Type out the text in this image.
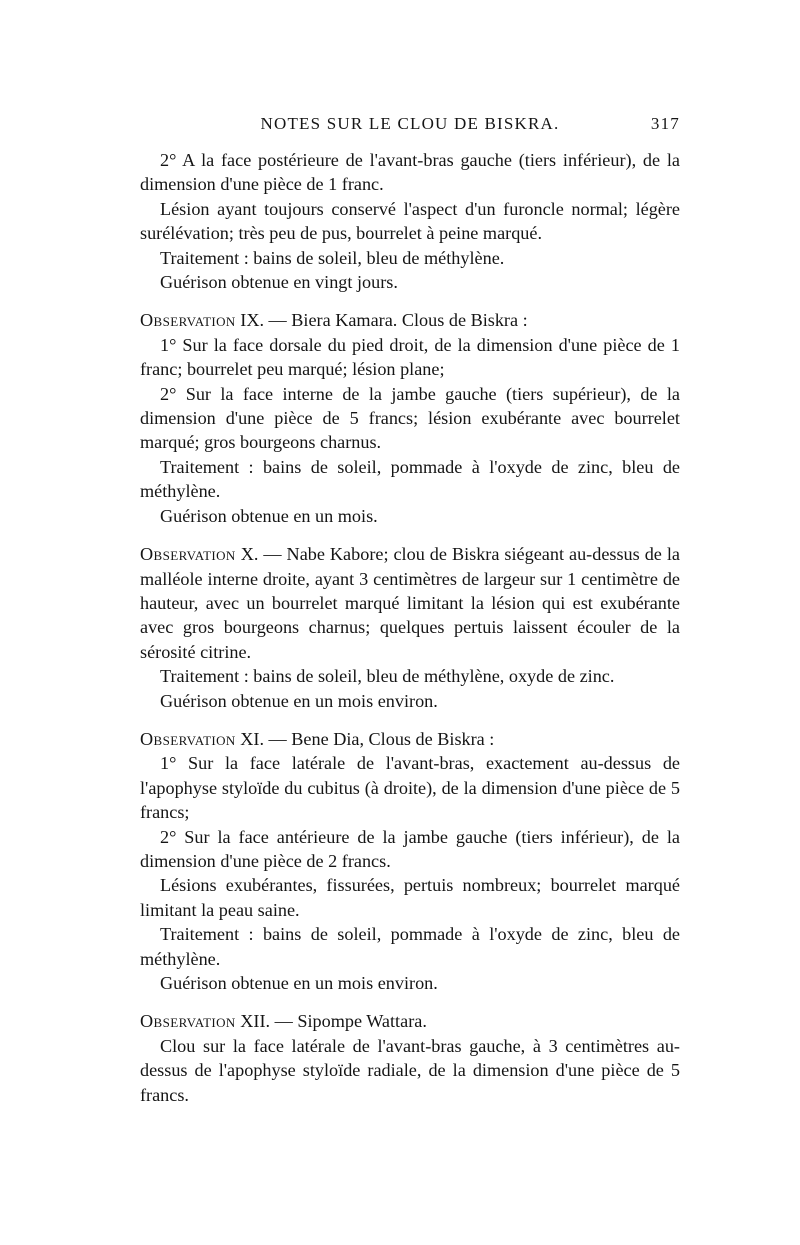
NOTES SUR LE CLOU DE BISKRA.	317

2° A la face postérieure de l'avant-bras gauche (tiers inférieur), de la dimension d'une pièce de 1 franc.

Lésion ayant toujours conservé l'aspect d'un furoncle normal; légère surélévation; très peu de pus, bourrelet à peine marqué.

Traitement : bains de soleil, bleu de méthylène.

Guérison obtenue en vingt jours.

Observation IX. — Biera Kamara. Clous de Biskra :

1° Sur la face dorsale du pied droit, de la dimension d'une pièce de 1 franc; bourrelet peu marqué; lésion plane;

2° Sur la face interne de la jambe gauche (tiers supérieur), de la dimension d'une pièce de 5 francs; lésion exubérante avec bourrelet marqué; gros bourgeons charnus.

Traitement : bains de soleil, pommade à l'oxyde de zinc, bleu de méthylène.

Guérison obtenue en un mois.

Observation X. — Nabe Kabore; clou de Biskra siégeant au-dessus de la malléole interne droite, ayant 3 centimètres de largeur sur 1 centimètre de hauteur, avec un bourrelet marqué limitant la lésion qui est exubérante avec gros bourgeons charnus; quelques pertuis laissent écouler de la sérosité citrine.

Traitement : bains de soleil, bleu de méthylène, oxyde de zinc.

Guérison obtenue en un mois environ.

Observation XI. — Bene Dia, Clous de Biskra :

1° Sur la face latérale de l'avant-bras, exactement au-dessus de l'apophyse styloïde du cubitus (à droite), de la dimension d'une pièce de 5 francs;

2° Sur la face antérieure de la jambe gauche (tiers inférieur), de la dimension d'une pièce de 2 francs.

Lésions exubérantes, fissurées, pertuis nombreux; bourrelet marqué limitant la peau saine.

Traitement : bains de soleil, pommade à l'oxyde de zinc, bleu de méthylène.

Guérison obtenue en un mois environ.

Observation XII. — Sipompe Wattara.

Clou sur la face latérale de l'avant-bras gauche, à 3 centimètres au-dessus de l'apophyse styloïde radiale, de la dimension d'une pièce de 5 francs.
